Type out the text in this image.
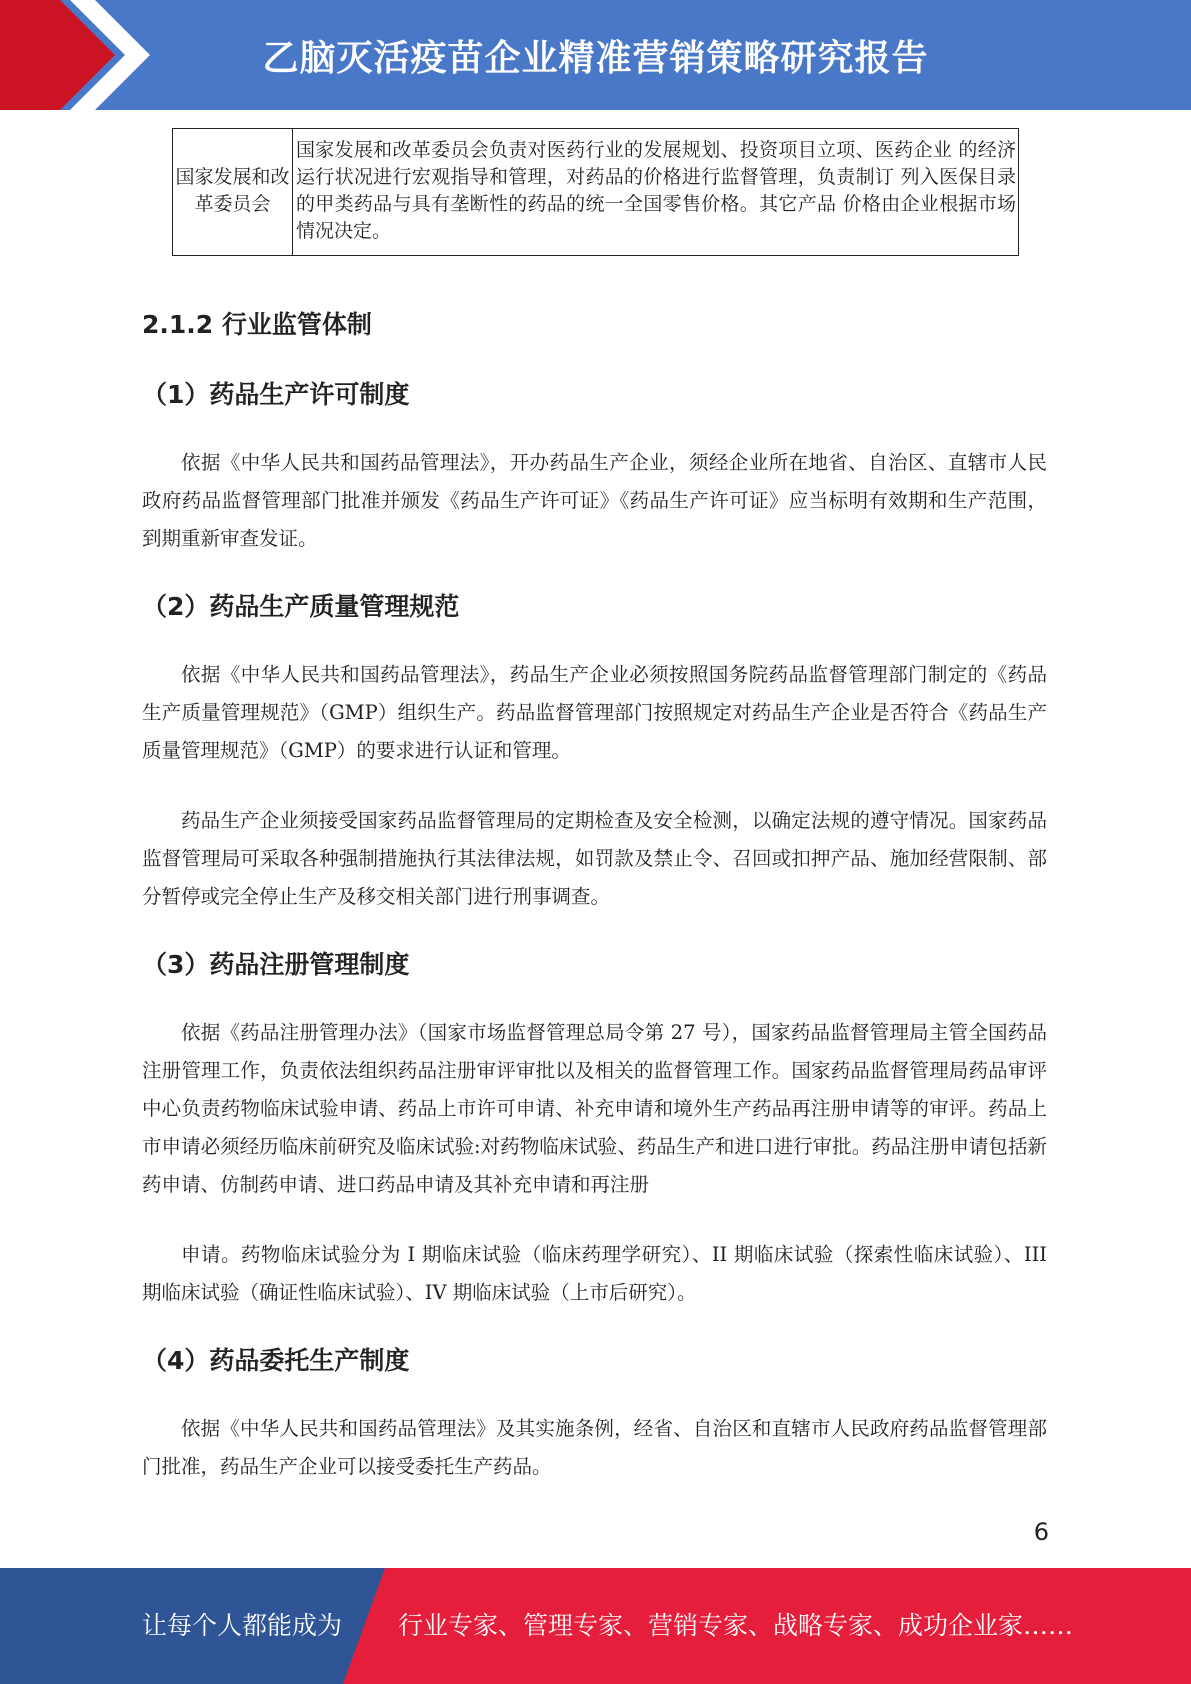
乙脑灭活疫苗企业精准营销策略研究报告
国家发展和改革委员会	国家发展和改革委员会负责对医药行业的发展规划、投资项目立项、医药企业 的经济运行状况进行宏观指导和管理，对药品的价格进行监督管理，负责制订 列入医保目录的甲类药品与具有垄断性的药品的统一全国零售价格。其它产品 价格由企业根据市场情况决定。
2.1.2 行业监管体制
（1）药品生产许可制度

依据《中华人民共和国药品管理法》，开办药品生产企业，须经企业所在地省、自治区、直辖市人民政府药品监督管理部门批准并颁发《药品生产许可证》《药品生产许可证》应当标明有效期和生产范围，到期重新审查发证。

（2）药品生产质量管理规范

依据《中华人民共和国药品管理法》，药品生产企业必须按照国务院药品监督管理部门制定的《药品生产质量管理规范》（GMP）组织生产。药品监督管理部门按照规定对药品生产企业是否符合《药品生产质量管理规范》（GMP）的要求进行认证和管理。

药品生产企业须接受国家药品监督管理局的定期检查及安全检测，以确定法规的遵守情况。国家药品监督管理局可采取各种强制措施执行其法律法规，如罚款及禁止令、召回或扣押产品、施加经营限制、部分暂停或完全停止生产及移交相关部门进行刑事调查。

（3）药品注册管理制度

依据《药品注册管理办法》（国家市场监督管理总局令第 27 号），国家药品监督管理局主管全国药品注册管理工作，负责依法组织药品注册审评审批以及相关的监督管理工作。国家药品监督管理局药品审评中心负责药物临床试验申请、药品上市许可申请、补充申请和境外生产药品再注册申请等的审评。药品上市申请必须经历临床前研究及临床试验:对药物临床试验、药品生产和进口进行审批。药品注册申请包括新药申请、仿制药申请、进口药品申请及其补充申请和再注册

申请。药物临床试验分为 I 期临床试验（临床药理学研究）、II 期临床试验（探索性临床试验）、III 期临床试验（确证性临床试验）、IV 期临床试验（上市后研究）。

（4）药品委托生产制度

依据《中华人民共和国药品管理法》及其实施条例，经省、自治区和直辖市人民政府药品监督管理部门批准，药品生产企业可以接受委托生产药品。

6
让每个人都能成为 行业专家、管理专家、营销专家、战略专家、成功企业家……
